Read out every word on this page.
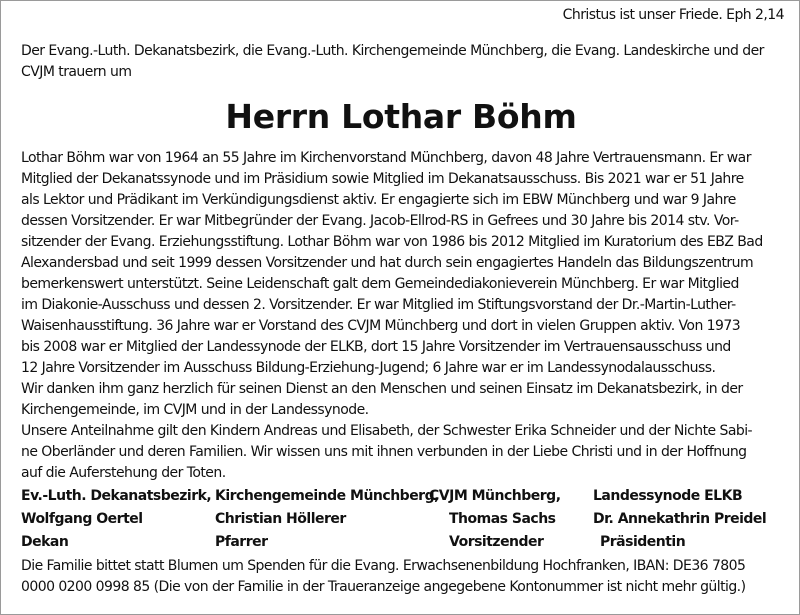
Christus ist unser Friede. Eph 2,14
Der Evang.-Luth. Dekanatsbezirk, die Evang.-Luth. Kirchengemeinde Münchberg, die Evang. Landeskirche und der
CVJM trauern um
Herrn Lothar Böhm
Lothar Böhm war von 1964 an 55 Jahre im Kirchenvorstand Münchberg, davon 48 Jahre Vertrauensmann. Er war
Mitglied der Dekanatssynode und im Präsidium sowie Mitglied im Dekanatsausschuss. Bis 2021 war er 51 Jahre
als Lektor und Prädikant im Verkündigungsdienst aktiv. Er engagierte sich im EBW Münchberg und war 9 Jahre
dessen Vorsitzender. Er war Mitbegründer der Evang. Jacob-Ellrod-RS in Gefrees und 30 Jahre bis 2014 stv. Vor-
sitzender der Evang. Erziehungsstiftung. Lothar Böhm war von 1986 bis 2012 Mitglied im Kuratorium des EBZ Bad
Alexandersbad und seit 1999 dessen Vorsitzender und hat durch sein engagiertes Handeln das Bildungszentrum
bemerkenswert unterstützt. Seine Leidenschaft galt dem Gemeindediakonieverein Münchberg. Er war Mitglied
im Diakonie-Ausschuss und dessen 2. Vorsitzender. Er war Mitglied im Stiftungsvorstand der Dr.-Martin-Luther-
Waisenhausstiftung. 36 Jahre war er Vorstand des CVJM Münchberg und dort in vielen Gruppen aktiv. Von 1973
bis 2008 war er Mitglied der Landessynode der ELKB, dort 15 Jahre Vorsitzender im Vertrauensausschuss und
12 Jahre Vorsitzender im Ausschuss Bildung-Erziehung-Jugend; 6 Jahre war er im Landessynodalausschuss.
Wir danken ihm ganz herzlich für seinen Dienst an den Menschen und seinen Einsatz im Dekanatsbezirk, in der
Kirchengemeinde, im CVJM und in der Landessynode.
Unsere Anteilnahme gilt den Kindern Andreas und Elisabeth, der Schwester Erika Schneider und der Nichte Sabi-
ne Oberländer und deren Familien. Wir wissen uns mit ihnen verbunden in der Liebe Christi und in der Hoffnung
auf die Auferstehung der Toten.
Ev.-Luth. Dekanatsbezirk,
Wolfgang Oertel
Dekan
Kirchengemeinde Münchberg,
Christian Höllerer
Pfarrer
CVJM Münchberg,
Thomas Sachs
Vorsitzender
Landessynode ELKB
Dr. Annekathrin Preidel
Präsidentin
Die Familie bittet statt Blumen um Spenden für die Evang. Erwachsenenbildung Hochfranken, IBAN: DE36 7805
0000 0200 0998 85 (Die von der Familie in der Traueranzeige angegebene Kontonummer ist nicht mehr gültig.)
